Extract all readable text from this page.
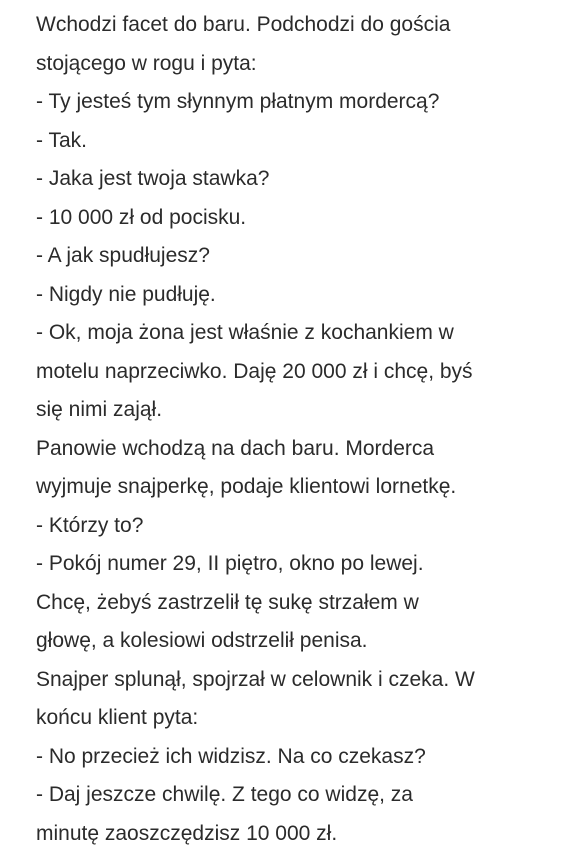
Wchodzi facet do baru. Podchodzi do gościa
stojącego w rogu i pyta:
- Ty jesteś tym słynnym płatnym mordercą?
- Tak.
- Jaka jest twoja stawka?
- 10 000 zł od pocisku.
- A jak spudłujesz?
- Nigdy nie pudłuję.
- Ok, moja żona jest właśnie z kochankiem w
motelu naprzeciwko. Daję 20 000 zł i chcę, byś
się nimi zajął.
Panowie wchodzą na dach baru. Morderca
wyjmuje snajperkę, podaje klientowi lornetkę.
- Którzy to?
- Pokój numer 29, II piętro, okno po lewej.
Chcę, żebyś zastrzelił tę sukę strzałem w
głowę, a kolesiowi odstrzelił penisa.
Snajper splunął, spojrzał w celownik i czeka. W
końcu klient pyta:
- No przecież ich widzisz. Na co czekasz?
- Daj jeszcze chwilę. Z tego co widzę, za
minutę zaoszczędzisz 10 000 zł.
